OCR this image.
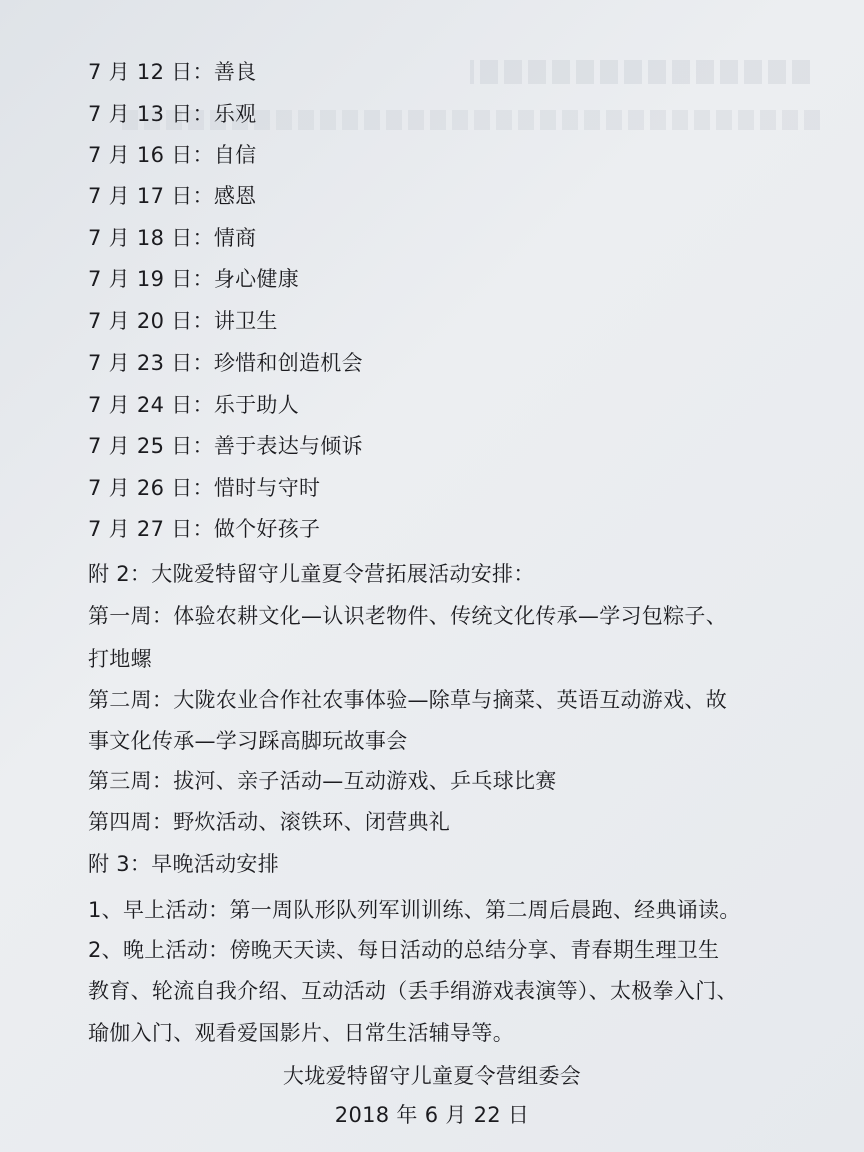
7 月 12 日：善良
7 月 13 日：乐观
7 月 16 日：自信
7 月 17 日：感恩
7 月 18 日：情商
7 月 19 日：身心健康
7 月 20 日：讲卫生
7 月 23 日：珍惜和创造机会
7 月 24 日：乐于助人
7 月 25 日：善于表达与倾诉
7 月 26 日：惜时与守时
7 月 27 日：做个好孩子
附 2：大陇爱特留守儿童夏令营拓展活动安排：
第一周：体验农耕文化—认识老物件、传统文化传承—学习包粽子、
打地螺
第二周：大陇农业合作社农事体验—除草与摘菜、英语互动游戏、故
事文化传承—学习踩高脚玩故事会
第三周：拔河、亲子活动—互动游戏、乒乓球比赛
第四周：野炊活动、滚铁环、闭营典礼
附 3：早晚活动安排
1、早上活动：第一周队形队列军训训练、第二周后晨跑、经典诵读。
2、晚上活动：傍晚天天读、每日活动的总结分享、青春期生理卫生
教育、轮流自我介绍、互动活动（丢手绢游戏表演等）、太极拳入门、
瑜伽入门、观看爱国影片、日常生活辅导等。
大垅爱特留守儿童夏令营组委会
2018 年 6 月 22 日
